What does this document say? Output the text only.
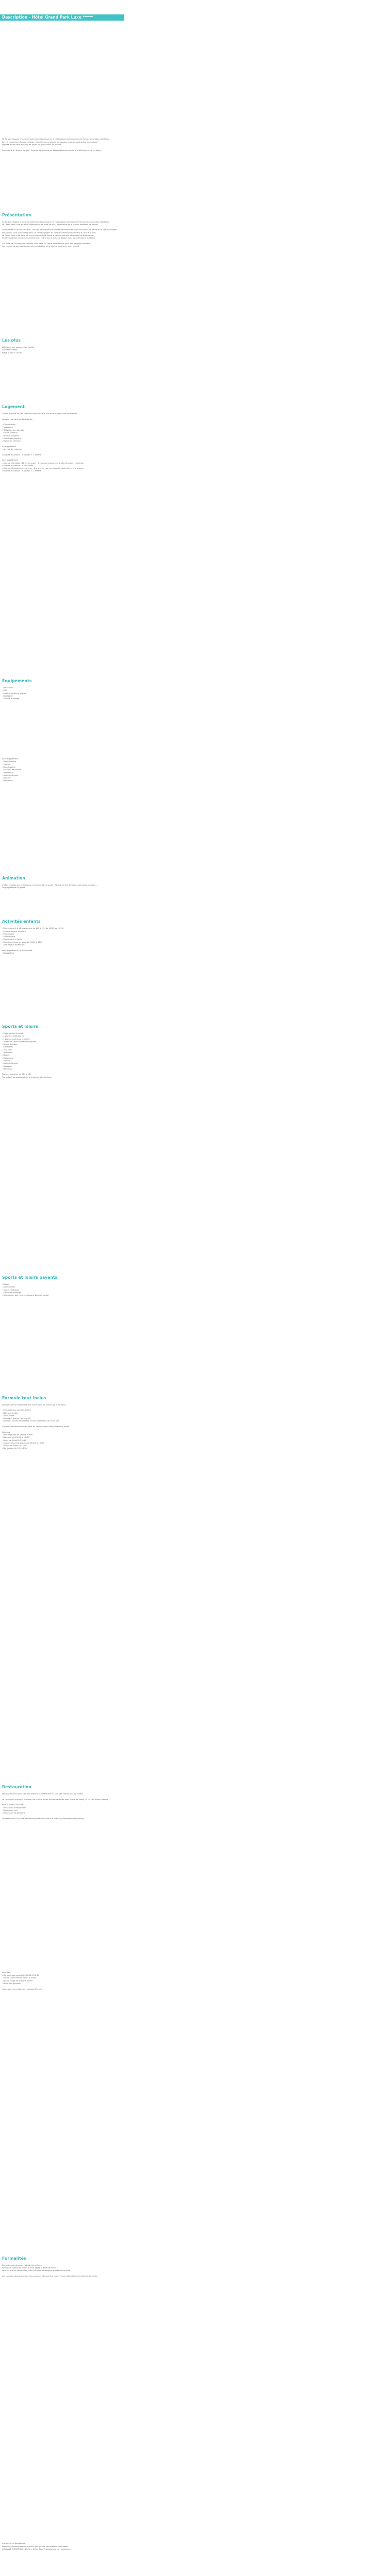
Description - Hôtel Grand Park Luxe *****
Le Turquie dispose d'un riche patrimoine historique et archéologique ainsi que de très nombreuses villes balnéaires.
Pays à cheval sur l'Europe et l'Asie, elle offre aux visiteurs un paysage riche en contrastes, une cuisine
réputée et des sites historiques parmi les plus beaux du monde.

Surnommé le "Riviera turque", Antalya est le point de départ idéal pour partir à la découverte de la région.
Présentation
Le Turquie dispose d'un riche patrimoine historique et archéologique ainsi que de très nombreuses villes balnéaires.
Le Grand Park Luxe est situé directement en bord de mer, à proximité de la station balnéaire de Kemer.

Surnommée la "Riviera turque", Antalya est bordée par la mer Méditerranée avec des plages de sable fin et des montagnes.
Nos voisins vous accueillent dans un cadre idyllique au pied des montagnes du Taurus, face à la mer.
Le Grand Park Luxe vous offre une formule tout compris haut de gamme et un service attentionné.
Situé à quelques minutes du centre-ville, l'hôtel est le point de départ idéal pour découvrir la région.

Cet hôtel de la catégorie 5 étoiles vous offre un cadre exceptionnel pour des vacances réussies.
Les chambres sont spacieuses et confortables, et la piscine extérieure vous attend.
Les plus
Idéal pour des vacances en famille
Activités variées
Plage privée à 200 m
Logement
L'hôtel dispose de 496 chambres réparties sur plusieurs étages avec ascenseurs.

Chaque chambre est équipée de :

- Climatisation
- Téléphone
- Télévision par satellite
- Sèche-cheveux
- Minibar (payant)
- Coffre-fort (payant)
- Balcon ou terrasse

En supplément :
- Service de chambre

Capacité maximale : 2 adultes + 1 enfant

Avec supplément :
- Chambre familiale (40 m², environ) : 2 chambres séparées, 1 salle de bains, vue jardin.
Capacité maximale : 4 personnes.
- Chambre Deluxe avec vue mer : 1 grand lit, vue mer latérale, accès direct à la piscine.
Capacité maximale : 3 adultes + 1 enfant.
Équipements
- Restaurant
- Wifi
- Parking extérieur gratuit
- Bagagerie
- Service massage
Avec supplément :
- Room Service
- Coiffeur
- Blanchisserie
- Location de voiture
- Téléphone
- Salle de réunion
- Docteur
- Boutiques
Animation
L'hôtel propose des animations en journée et en soirée : fitness, tennis de table, water-polo, aérobic...
Un programme sur place.
Activités enfants
- Mini-club de 4 à 12 ans (ouvert de 10h à 17h du 15/05 au 15/10)
- Espace de jeux intérieur
- Pataugeoire
- Salle de jeux
- Piscine pour enfants
- Mini-disco (tous les soirs de 20h30 à 21h)
- Aire de jeux extérieure

Avec supplément / sur demande :
- Babysitting
Sports et loisirs
- Plage privée de sable
- 2 piscines extérieures
- 1 piscine intérieure chauffée
- Terrain de tennis (éclairage payant)
- Tennis de table
- Fléchettes
- Tir à l'arc
- Volleyball
- Basket
- Water-polo
- Aérobic
- Salle de fitness
- Aquagym
- Hammam

Piscines ouvertes de 08h à 18h
Transats et parasols gratuits à la piscine et à la plage
Sports et loisirs payants
- Billard
- Salle de jeux
- Sports nautiques
- Centre de massage
- Spa (sauna, bain turc, massages, soins du corps)
Formule tout inclus
Dans la salle de restaurant tout inclus pour les clients, plus boissons.

- Petit-déjeuner complet buffet
- Déjeuner buffet
- Dîner buffet
- Snacks et glaces l'après-midi
- Boissons locales alcoolisées et non alcoolisées de 10h à 23h

L'accès à certains services, sites ou activités peut être payant sur place.

Horaires :
- Petit-déjeuner de 7h00 à 10h00
- Déjeuner de 12h30 à 14h30
- Dîner de 19h00 à 21h30
- Snack en bord de piscine de 11h00 à 16h00
- Glaces de 15h00 à 17h00
- Bar (ouvert de 10h à 23h)
Restauration
Découvrez des saveurs et des ambiances différentes au sein des restaurants de l'hôtel.

Le restaurant principal propose une cuisine locale et internationale sous forme de buffet, et un coin show cooking.

Pour le dîner à la carte :
- Restaurant international
- Restaurant turc
- Restaurant de poissons

Un restaurant à la carte par semaine est inclus dans la formule (réservation obligatoire).
Horaires :
- Bar principal ouvert de 10h00 à 23h00
- Bar de la piscine de 10h00 à 18h00
- Bar de plage de 10h00 à 17h00
- Disco bar (payant)

Tenue correcte exigée au restaurant le soir.
Formalités
Ressortissants français (adultes et enfants) :
Passeport valable au moins 6 mois après la date de retour.
Pour les autres nationalités, merci de vous renseigner auprès du consulat.

Les mineurs voyageant sans leurs parents doivent être munis d'une autorisation de sortie de territoire.
Aucun vaccin obligatoire.
Nous vous recommandons d'être à jour de vos vaccinations habituelles.
COURANT ÉLECTRIQUE : 220V et 50Hz. Type F. Adaptateur non nécessaire.
